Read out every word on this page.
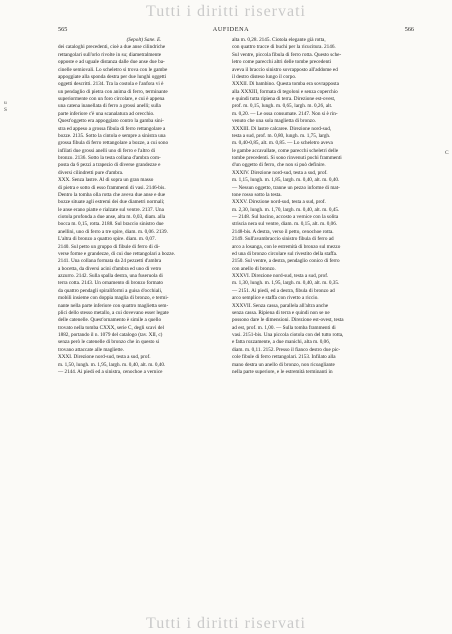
Tutti i diritti riservati
565	AUFIDENA	566

(Sepolt) Sane. E.

dei cataloghi precedenti, cioè a due anse cilindriche

rettangolari sull'orlo rivolte in su; diametralmente

opposte e ad uguale distanza dalle due anse due ba-

cinelle semiovali. Lo scheletro si trova con le gambe

appoggiate alla sponda destra per due lunghi oggetti

oggetti descritti. 2134. Tra la costola e l'anfora vi è

un pendaglio di pietra con anima di ferro, terminante

superiormente con un foro circolare, e cui è appena

una catena inanellata di ferro a grossi anelli; sulla

parte inferiore c'è una scanalatura ad orecchio.

Quest'oggetto era appoggiato contro la gamba sini-

stra ed appeso a grossa fibula di ferro rettangolare a

bozze. 2135. Sotto la cintola e sempre a sinistra una

grossa fibula di ferro rettangolare a bozze, a cui sono

infilati due grossi anelli uno di ferro e l'altro di

bronzo. 2136. Sotto la testa collana d'ambra com-

posta da 6 pezzi a trapezio di diverse grandezze e

diversi cilindretti pure d'ambra.

XXX. Senza lastre. Al di sopra un gran masso

di pietra e sotto di esso frammenti di vasi. 2146-bis.

Dentro la tomba olla rotta che aveva due anse e due

bozze situate agli estremi dei due diametri normali;

le anse erano piatte e rialzate sul ventre. 2137. Una

ciotola profonda a due anse, alta m. 0,03, diam. alla

bocca m. 0,15, rotta. 2188. Sul braccio sinistro due

anellini, uno di ferro a tre spire, diam. m. 0,06. 2139.

L'altra di bronzo a quattro spire. diam. m. 0,07.

2140. Sul petto un gruppo di fibule di ferro di di-

verse forme e grandezze, di cui due rettangolari a bozze.

2141. Una collana formata da 24 pezzetti d'ambra

a bocetta, da diversi acini d'ambra ed uno di vetro

azzurro. 2142. Sulla spalla destra, una fuseruola di

terra cotta. 2143. Un ornamento di bronzo formato

da quattro pendagli spiraliformi a guisa d'occhiali,

mobili insieme con doppia maglia di bronzo, e termi-

nante nella parte inferiore con quattro maglietta sem-

plici dello stesso metallo, a cui dovevano esser legate

delle catenelle. Quest'ornamento è simile a quello

trovato nella tomba CXXX, serie C, degli scavi del

1882, portando il n. 1079 del catalogo (tav. XII, c)

senza però le catenelle di bronzo che in questo si

trovano attaccate alle magliette.

XXXI. Direzione nord-sud, testa a sud, prof.

m. 1,50, lungh. m. 1,95, largh. m. 0,40, alt. m. 0,40.

— 2144. Ai piedi ed a sinistra, cenochoe a vernice

alta m. 0,28. 2145. Ciotola elegante già rotta,

con quattro tracce di buchi per la ricucitura. 2146.

Sul ventre, piccola fibula di ferro rotta. Questo sche-

letro come parecchi altri delle tombe precedenti

aveva il braccio sinistro sovrapposto all'addome ed

il destro disteso lungo il corpo.

XXXII. Di bambino. Questa tomba era sovrapposta

alla XXXIII, formata di tegoloni e senza coperchio

e quindi tutta ripiena di terra. Direzione est-ovest,

prof. m. 0,15, lungh. m. 0,65, largh. m. 0,26, alt.

m. 0,20. — Le ossa consumate. 2147. Non si è rin-

venuto che una sola maglietta di bronzo.

XXXIII. Di lastre calcaree. Direzione nord-sud,

testa a sud, prof. m. 0,80, lungh. m. 1,75, largh.

m. 0,40-0,85, alt. m. 0,85. — Lo scheletro aveva

le gambe accavallate, come parecchi scheletri delle

tombe precedenti. Si sono rinvenuti pochi frammenti

d'un oggetto di ferro, che non si può definire.

XXXIV. Direzione nord-sud, testa a sud, prof.

m. 1,15, lungh. m. 1,85, largh. m. 0,40, alt. m. 0,40.

— Nessun oggetto, tranne un pezzo informe di mat-

tone rosso sotto la testa.

XXXV. Direzione nord-sud, testa a sud, prof.

m. 2,30, lungh. m. 1,70, largh. m. 0,40, alt. m. 0,45.

— 2148. Sul bacino, accosto a vernice con la solita

striscia nera sul ventre, diam. m. 0,15, alt. m. 0,06.

2148-bis. A destra, verso il petto, cenochoe rotta.

2149. Sull'avambraccio sinistro fibula di ferro ad

arco a losanga, con le estremità di bronzo sul mezzo

ed una di bronzo circolare sul rivestito della staffa.

2150. Sul ventre, a destra, pendaglio conico di ferro

con anello di bronzo.

XXXVI. Direzione nord-sud, testa a sud, prof.

m. 1,30, lungh. m. 1,95, largh. m. 0,40, alt. m. 0,35.

— 2151. Ai piedi, ed a destra, fibula di bronzo ad

arco semplice e staffa con rivetto a riccio.

XXXVII. Senza cassa, parallela all'altra anche

senza cassa. Ripiena di terra e quindi non se ne

possono dare le dimensioni. Direzione est-ovest, testa

ad est, prof. m. 1,00. — Sulla tomba frammenti di

vasi. 2151-bis. Una piccola ciotola con del tutto rotta,

e fatta rozzamente, a due manichi, alta m. 0,06,

diam. m. 0,11. 2152. Presso il fianco destro due pic-

cole fibule di ferro rettangolari. 2153. Infilato alla

mano destra un anello di bronzo, non ricoagliante

nella parte superiore, e le estremità terminanti in

u S
C
Tutti i diritti riservati
